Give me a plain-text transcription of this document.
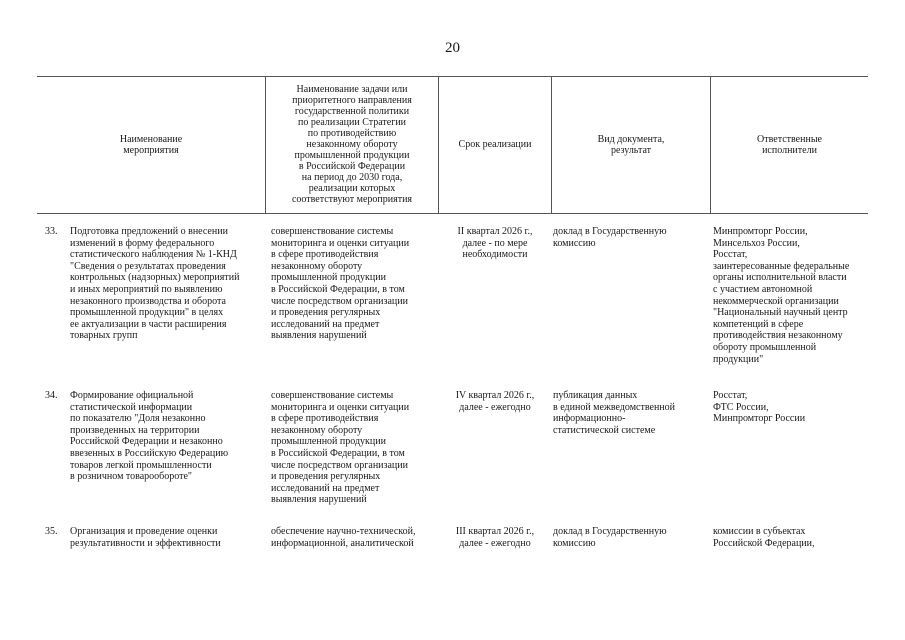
20
Наименование
мероприятия
Наименование задачи или
приоритетного направления
государственной политики
по реализации Стратегии
по противодействию
незаконному обороту
промышленной продукции
в Российской Федерации
на период до 2030 года,
реализации которых
соответствуют мероприятия
Срок реализации	Вид документа,
результат
Ответственные
исполнители
33. Подготовка предложений о внесении
изменений в форму федерального
статистического наблюдения № 1-КНД
"Сведения о результатах проведения
контрольных (надзорных) мероприятий
и иных мероприятий по выявлению
незаконного производства и оборота
промышленной продукции" в целях
ее актуализации в части расширения
товарных групп
совершенствование системы
мониторинга и оценки ситуации
в сфере противодействия
незаконному обороту
промышленной продукции
в Российской Федерации, в том
числе посредством организации
и проведения регулярных
исследований на предмет
выявления нарушений
II квартал 2026 г.,
далее - по мере
необходимости
доклад в Государственную
комиссию
Минпромторг России,
Минсельхоз России,
Росстат,
заинтересованные федеральные
органы исполнительной власти
с участием автономной
некоммерческой организации
"Национальный научный центр
компетенций в сфере
противодействия незаконному
обороту промышленной
продукции"
34. Формирование официальной
статистической информации
по показателю "Доля незаконно
произведенных на территории
Российской Федерации и незаконно
ввезенных в Российскую Федерацию
товаров легкой промышленности
в розничном товарообороте"
совершенствование системы
мониторинга и оценки ситуации
в сфере противодействия
незаконному обороту
промышленной продукции
в Российской Федерации, в том
числе посредством организации
и проведения регулярных
исследований на предмет
выявления нарушений
IV квартал 2026 г.,
далее - ежегодно
публикация данных
в единой межведомственной
информационно-
статистической системе
Росстат,
ФТС России,
Минпромторг России
35. Организация и проведение оценки
результативности и эффективности
обеспечение научно-технической,
информационной, аналитической
III квартал 2026 г.,
далее - ежегодно
доклад в Государственную
комиссию
комиссии в субъектах
Российской Федерации,
